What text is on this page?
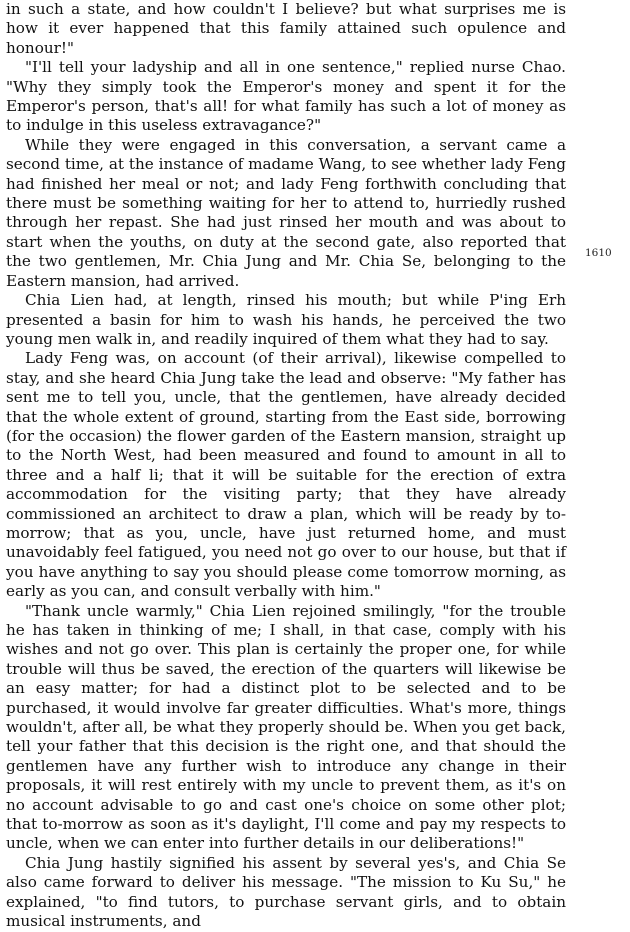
in such a state, and how couldn't I believe? but what surprises me is how it ever happened that this family attained such opulence and honour!"

"I'll tell your ladyship and all in one sentence," replied nurse Chao. "Why they simply took the Emperor's money and spent it for the Emperor's person, that's all! for what family has such a lot of money as to indulge in this useless extravagance?"

While they were engaged in this conversation, a servant came a second time, at the instance of madame Wang, to see whether lady Feng had finished her meal or not; and lady Feng forthwith concluding that there must be something waiting for her to attend to, hurriedly rushed through her repast. She had just rinsed her mouth and was about to start when the youths, on duty at the second gate, also reported that the two gentlemen, Mr. Chia Jung and Mr. Chia Se, belonging to the Eastern mansion, had arrived.

Chia Lien had, at length, rinsed his mouth; but while P'ing Erh presented a basin for him to wash his hands, he perceived the two young men walk in, and readily inquired of them what they had to say.

Lady Feng was, on account (of their arrival), likewise compelled to stay, and she heard Chia Jung take the lead and observe: "My father has sent me to tell you, uncle, that the gentlemen, have already decided that the whole extent of ground, starting from the East side, borrowing (for the occasion) the flower garden of the Eastern mansion, straight up to the North West, had been measured and found to amount in all to three and a half li; that it will be suitable for the erection of extra accommodation for the visiting party; that they have already commissioned an architect to draw a plan, which will be ready by to-morrow; that as you, uncle, have just returned home, and must unavoidably feel fatigued, you need not go over to our house, but that if you have anything to say you should please come tomorrow morning, as early as you can, and consult verbally with him."

"Thank uncle warmly," Chia Lien rejoined smilingly, "for the trouble he has taken in thinking of me; I shall, in that case, comply with his wishes and not go over. This plan is certainly the proper one, for while trouble will thus be saved, the erection of the quarters will likewise be an easy matter; for had a distinct plot to be selected and to be purchased, it would involve far greater difficulties. What's more, things wouldn't, after all, be what they properly should be. When you get back, tell your father that this decision is the right one, and that should the gentlemen have any further wish to introduce any change in their proposals, it will rest entirely with my uncle to prevent them, as it's on no account advisable to go and cast one's choice on some other plot; that to-morrow as soon as it's daylight, I'll come and pay my respects to uncle, when we can enter into further details in our deliberations!"

Chia Jung hastily signified his assent by several yes's, and Chia Se also came forward to deliver his message. "The mission to Ku Su," he explained, "to find tutors, to purchase servant girls, and to obtain musical instruments, and

1610
